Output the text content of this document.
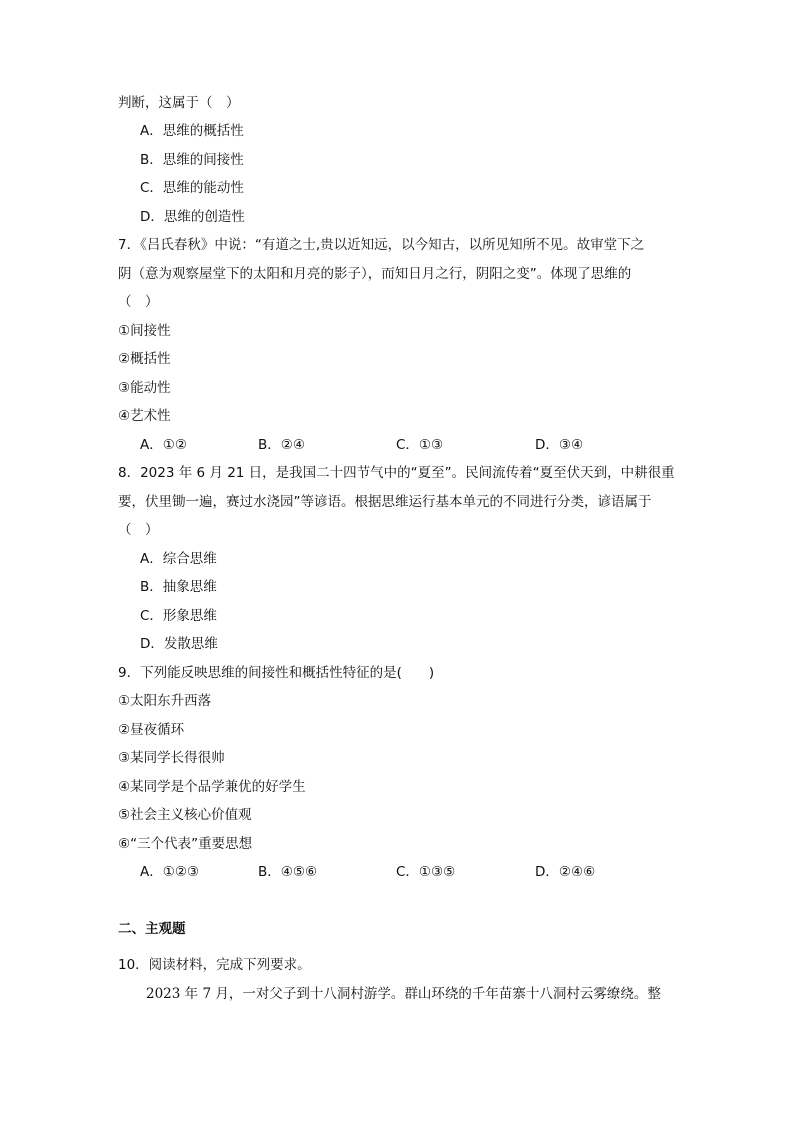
判断，这属于（　）
A．思维的概括性
B．思维的间接性
C．思维的能动性
D．思维的创造性
7．《吕氏春秋》中说：“有道之士,贵以近知远，以今知古，以所见知所不见。故审堂下之
阴（意为观察屋堂下的太阳和月亮的影子），而知日月之行，阴阳之变”。体现了思维的
（　）
①间接性
②概括性
③能动性
④艺术性
A．①②	B．②④	C．①③	D．③④
8．2023 年 6 月 21 日，是我国二十四节气中的“夏至”。民间流传着“夏至伏天到，中耕很重
要，伏里锄一遍，赛过水浇园”等谚语。根据思维运行基本单元的不同进行分类，谚语属于
（　）
A．综合思维
B．抽象思维
C．形象思维
D．发散思维
9．下列能反映思维的间接性和概括性特征的是(　　)
①太阳东升西落
②昼夜循环
③某同学长得很帅
④某同学是个品学兼优的好学生
⑤社会主义核心价值观
⑥“三个代表”重要思想
A．①②③	B．④⑤⑥	C．①③⑤	D．②④⑥
二、主观题
10．阅读材料，完成下列要求。
2023 年 7 月，一对父子到十八洞村游学。群山环绕的千年苗寨十八洞村云雾缭绕。整
